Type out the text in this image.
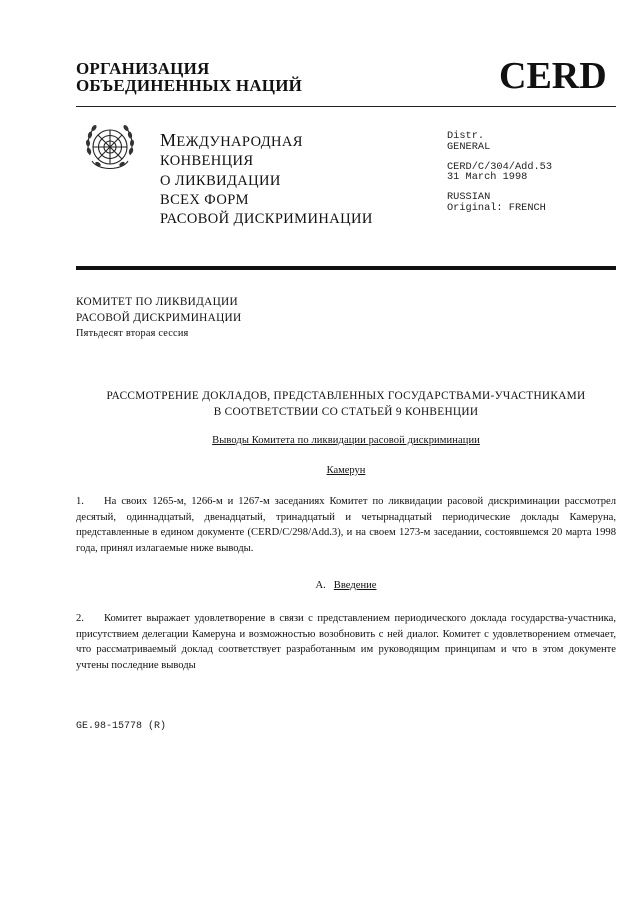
ОРГАНИЗАЦИЯ
ОБЪЕДИНЕННЫХ НАЦИЙ	CERD
МЕЖДУНАРОДНАЯ
КОНВЕНЦИЯ
О ЛИКВИДАЦИИ
ВСЕХ ФОРМ
РАСОВОЙ ДИСКРИМИНАЦИИ
Distr.
GENERAL
CERD/C/304/Add.53
31 March 1998
RUSSIAN
Original: FRENCH
КОМИТЕТ ПО ЛИКВИДАЦИИ
РАСОВОЙ ДИСКРИМИНАЦИИ
Пятьдесят вторая сессия
РАССМОТРЕНИЕ ДОКЛАДОВ, ПРЕДСТАВЛЕННЫХ ГОСУДАРСТВАМИ-УЧАСТНИКАМИ
В СООТВЕТСТВИИ СО СТАТЬЕЙ 9 КОНВЕНЦИИ
Выводы Комитета по ликвидации расовой дискриминации
Камерун
1. На своих 1265-м, 1266-м и 1267-м заседаниях Комитет по ликвидации расовой дискриминации рассмотрел десятый, одиннадцатый, двенадцатый, тринадцатый и четырнадцатый периодические доклады Камеруна, представленные в едином документе (CERD/C/298/Add.3), и на своем 1273-м заседании, состоявшемся 20 марта 1998 года, принял излагаемые ниже выводы.
A. Введение
2. Комитет выражает удовлетворение в связи с представлением периодического доклада государства-участника, присутствием делегации Камеруна и возможностью возобновить с ней диалог. Комитет с удовлетворением отмечает, что рассматриваемый доклад соответствует разработанным им руководящим принципам и что в этом документе учтены последние выводы
GE.98-15778 (R)
